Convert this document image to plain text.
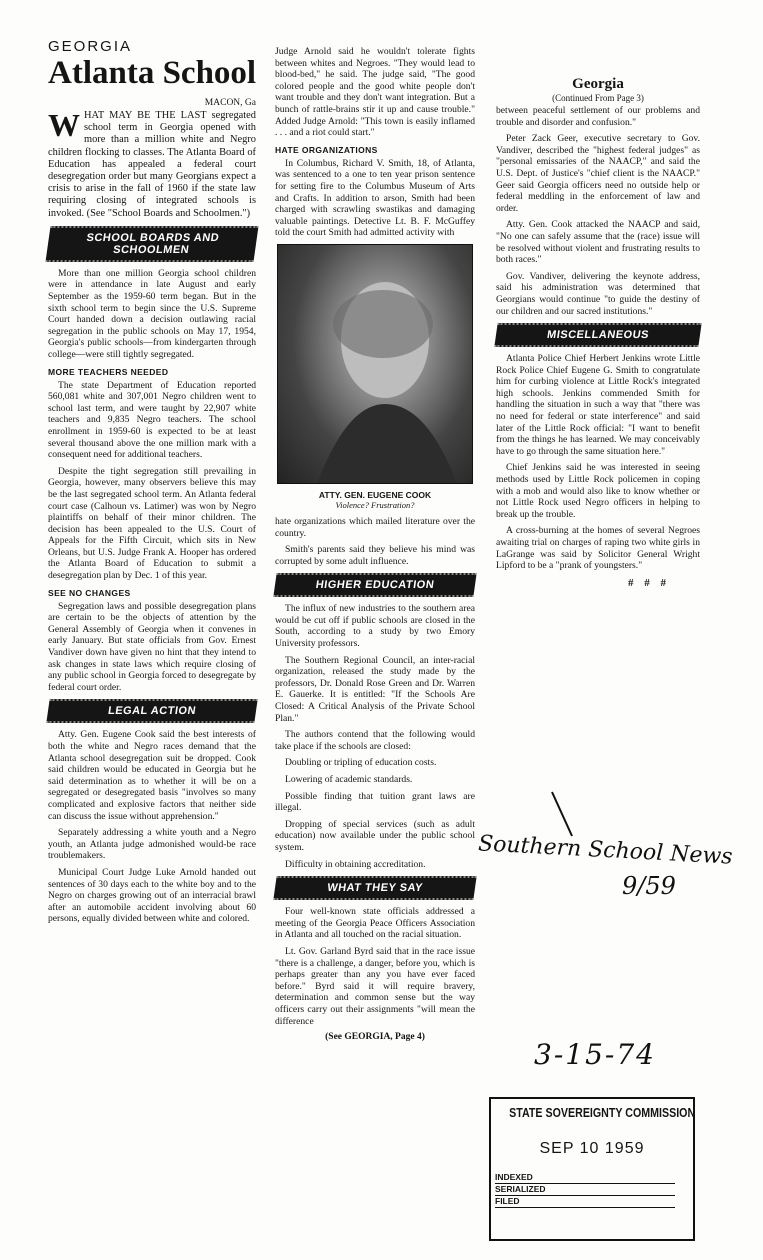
GEORGIA

Atlanta School

MACON, Ga

WHAT MAY BE THE LAST segregated school term in Georgia opened with more than a million white and Negro children flocking to classes. The Atlanta Board of Education has appealed a federal court desegregation order but many Georgians expect a crisis to arise in the fall of 1960 if the state law requiring closing of integrated schools is invoked. (See "School Boards and Schoolmen.")

SCHOOL BOARDS AND SCHOOLMEN

More than one million Georgia school children were in attendance in late August and early September as the 1959-60 term began. But in the sixth school term to begin since the U.S. Supreme Court handed down a decision outlawing racial segregation in the public schools on May 17, 1954, Georgia's public schools—from kindergarten through college—were still tightly segregated.

MORE TEACHERS NEEDED

The state Department of Education reported 560,081 white and 307,001 Negro children went to school last term, and were taught by 22,907 white teachers and 9,835 Negro teachers. The school enrollment in 1959-60 is expected to be at least several thousand above the one million mark with a consequent need for additional teachers.

Despite the tight segregation still prevailing in Georgia, however, many observers believe this may be the last segregated school term. An Atlanta federal court case (Calhoun vs. Latimer) was won by Negro plaintiffs on behalf of their minor children. The decision has been appealed to the U.S. Court of Appeals for the Fifth Circuit, which sits in New Orleans, but U.S. Judge Frank A. Hooper has ordered the Atlanta Board of Education to submit a desegregation plan by Dec. 1 of this year.

SEE NO CHANGES

Segregation laws and possible desegregation plans are certain to be the objects of attention by the General Assembly of Georgia when it convenes in early January. But state officials from Gov. Ernest Vandiver down have given no hint that they intend to ask changes in state laws which require closing of any public school in Georgia forced to desegregate by federal court order.

LEGAL ACTION

Atty. Gen. Eugene Cook said the best interests of both the white and Negro races demand that the Atlanta school desegregation suit be dropped. Cook said children would be educated in Georgia but he said determination as to whether it will be on a segregated or desegregated basis "involves so many complicated and explosive factors that neither side can discuss the issue without apprehension."

Separately addressing a white youth and a Negro youth, an Atlanta judge admonished would-be race troublemakers.

Municipal Court Judge Luke Arnold handed out sentences of 30 days each to the white boy and to the Negro on charges growing out of an interracial brawl after an automobile accident involving about 60 persons, equally divided between white and colored.

Judge Arnold said he wouldn't tolerate fights between whites and Negroes. "They would lead to blood-bed," he said. The judge said, "The good colored people and the good white people don't want trouble and they don't want integration. But a bunch of rattle-brains stir it up and cause trouble." Added Judge Arnold: "This town is easily inflamed . . . and a riot could start."

HATE ORGANIZATIONS

In Columbus, Richard V. Smith, 18, of Atlanta, was sentenced to a one to ten year prison sentence for setting fire to the Columbus Museum of Arts and Crafts. In addition to arson, Smith had been charged with scrawling swastikas and damaging valuable paintings. Detective Lt. B. F. McGuffey told the court Smith had admitted activity with

ATTY. GEN. EUGENE COOK

Violence? Frustration?

hate organizations which mailed literature over the country.

Smith's parents said they believe his mind was corrupted by some adult influence.

HIGHER EDUCATION

The influx of new industries to the southern area would be cut off if public schools are closed in the South, according to a study by two Emory University professors.

The Southern Regional Council, an inter-racial organization, released the study made by the professors, Dr. Donald Rose Green and Dr. Warren E. Gauerke. It is entitled: "If the Schools Are Closed: A Critical Analysis of the Private School Plan."

The authors contend that the following would take place if the schools are closed:

Doubling or tripling of education costs.

Lowering of academic standards.

Possible finding that tuition grant laws are illegal.

Dropping of special services (such as adult education) now available under the public school system.

Difficulty in obtaining accreditation.

WHAT THEY SAY

Four well-known state officials addressed a meeting of the Georgia Peace Officers Association in Atlanta and all touched on the racial situation.

Lt. Gov. Garland Byrd said that in the race issue "there is a challenge, a danger, before you, which is perhaps greater than any you have ever faced before." Byrd said it will require bravery, determination and common sense but the way officers carry out their assignments "will mean the difference

(See GEORGIA, Page 4)

Georgia

(Continued From Page 3)

between peaceful settlement of our problems and trouble and disorder and confusion."

Peter Zack Geer, executive secretary to Gov. Vandiver, described the "highest federal judges" as "personal emissaries of the NAACP," and said the U.S. Dept. of Justice's "chief client is the NAACP." Geer said Georgia officers need no outside help or federal meddling in the enforcement of law and order.

Atty. Gen. Cook attacked the NAACP and said, "No one can safely assume that the (race) issue will be resolved without violent and frustrating results to both races."

Gov. Vandiver, delivering the keynote address, said his administration was determined that Georgians would continue "to guide the destiny of our children and our sacred institutions."

MISCELLANEOUS

Atlanta Police Chief Herbert Jenkins wrote Little Rock Police Chief Eugene G. Smith to congratulate him for curbing violence at Little Rock's integrated high schools. Jenkins commended Smith for handling the situation in such a way that "there was no need for federal or state interference" and said later of the Little Rock official: "I want to benefit from the things he has learned. We may conceivably have to go through the same situation here."

Chief Jenkins said he was interested in seeing methods used by Little Rock policemen in coping with a mob and would also like to know whether or not Little Rock used Negro officers in helping to break up the trouble.

A cross-burning at the homes of several Negroes awaiting trial on charges of raping two white girls in LaGrange was said by Solicitor General Wright Lipford to be a "prank of youngsters."

# # #

Southern School News
9/59
3-15-74

STATE SOVEREIGNTY COMMISSION

SEP 10 1959

INDEXED

SERIALIZED

FILED
